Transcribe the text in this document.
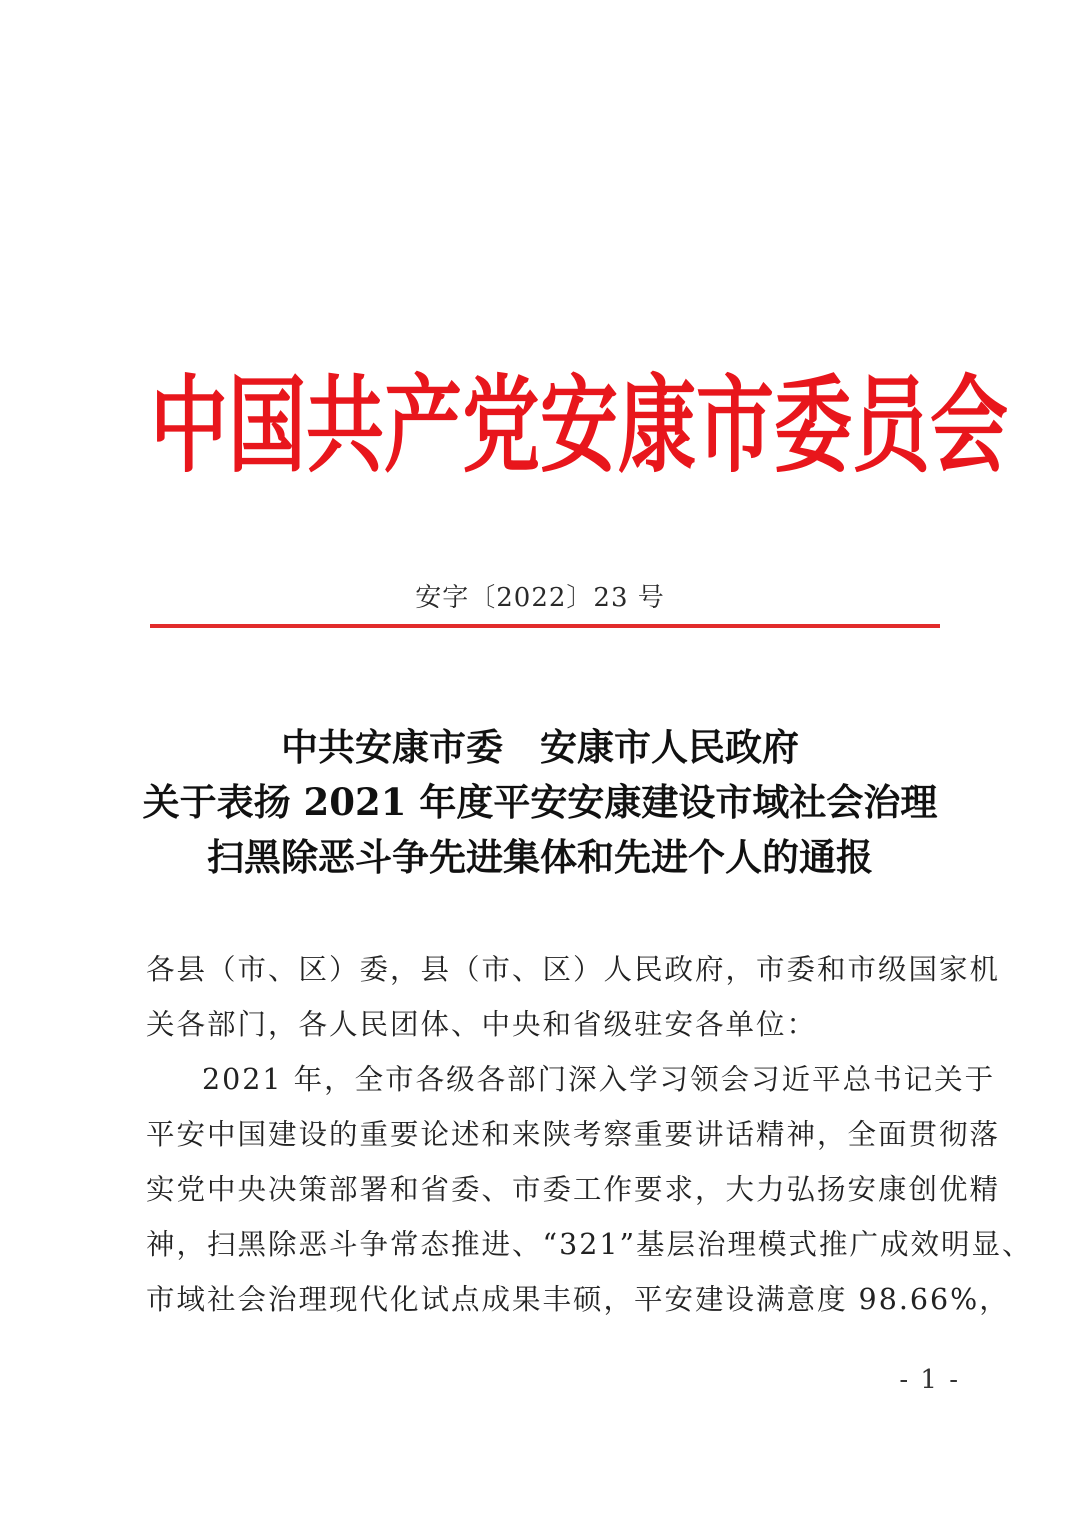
中国共产党安康市委员会
安字〔2022〕23 号
中共安康市委　安康市人民政府
关于表扬 2021 年度平安安康建设市域社会治理
扫黑除恶斗争先进集体和先进个人的通报
各县（市、区）委，县（市、区）人民政府，市委和市级国家机
关各部门，各人民团体、中央和省级驻安各单位：
2021 年，全市各级各部门深入学习领会习近平总书记关于
平安中国建设的重要论述和来陕考察重要讲话精神，全面贯彻落
实党中央决策部署和省委、市委工作要求，大力弘扬安康创优精
神，扫黑除恶斗争常态推进、“321”基层治理模式推广成效明显、
市域社会治理现代化试点成果丰硕，平安建设满意度 98.66%，
- 1 -
